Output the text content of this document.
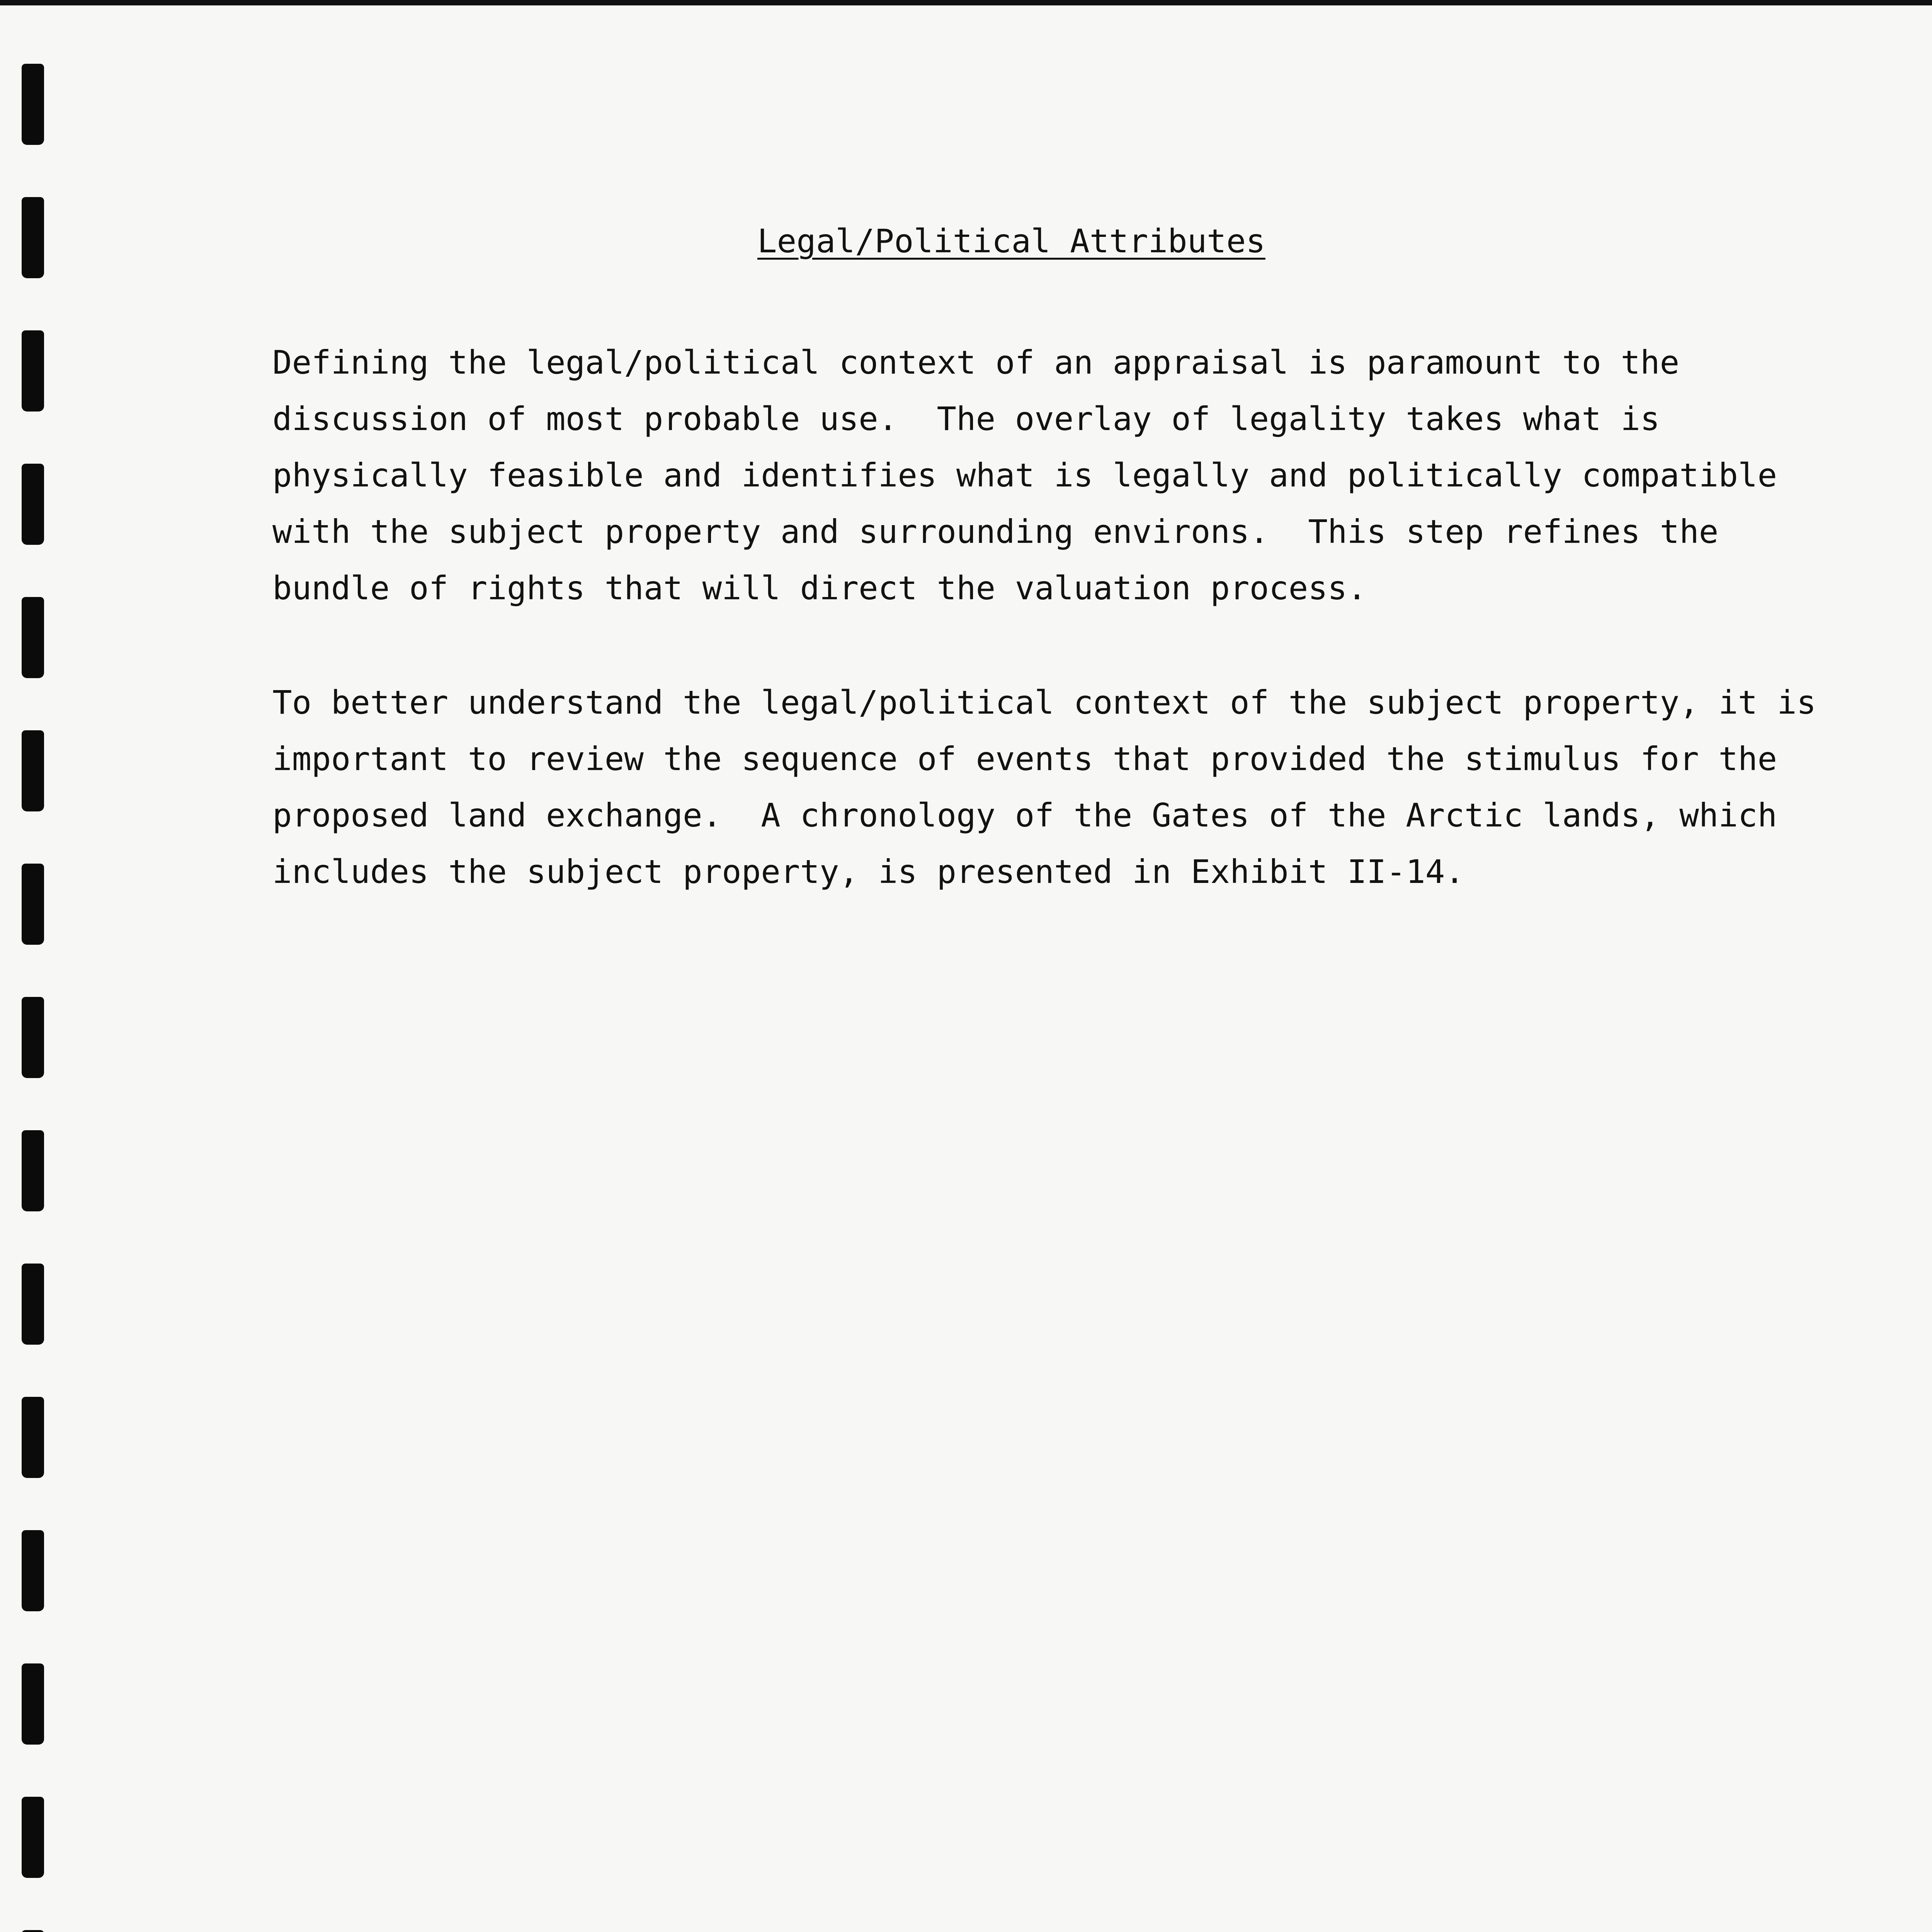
Legal/Political Attributes

Defining the legal/political context of an appraisal is paramount to the
discussion of most probable use.  The overlay of legality takes what is
physically feasible and identifies what is legally and politically compatible
with the subject property and surrounding environs.  This step refines the
bundle of rights that will direct the valuation process.

To better understand the legal/political context of the subject property, it is
important to review the sequence of events that provided the stimulus for the
proposed land exchange.  A chronology of the Gates of the Arctic lands, which
includes the subject property, is presented in Exhibit II-14.
